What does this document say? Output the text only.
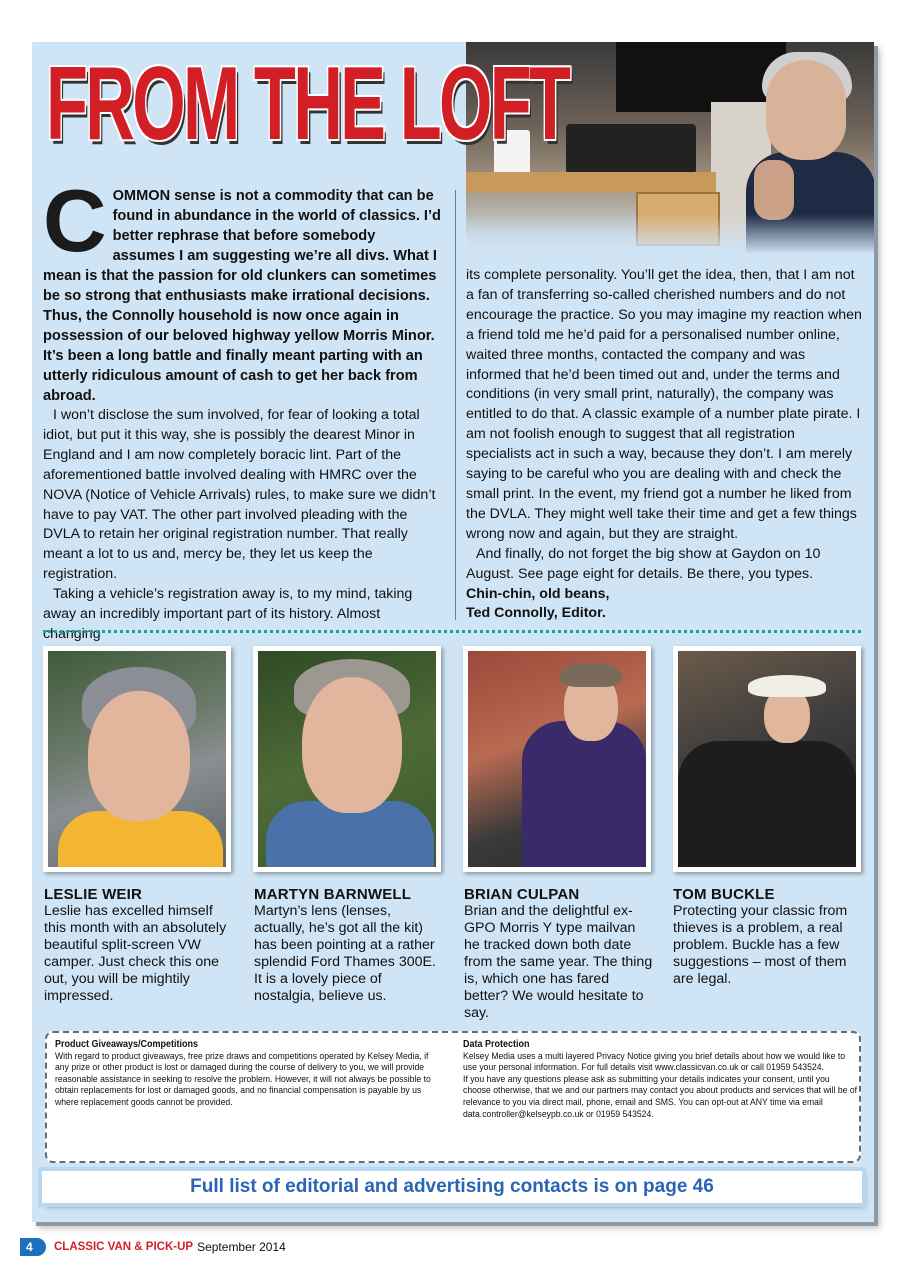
FROM THE LOFT
COMMON sense is not a commodity that can be found in abundance in the world of classics. I’d better rephrase that before somebody assumes I am suggesting we’re all divs. What I mean is that the passion for old clunkers can sometimes be so strong that enthusiasts make irrational decisions. Thus, the Connolly household is now once again in possession of our beloved highway yellow Morris Minor. It’s been a long battle and finally meant parting with an utterly ridiculous amount of cash to get her back from abroad.

I won’t disclose the sum involved, for fear of looking a total idiot, but put it this way, she is possibly the dearest Minor in England and I am now completely boracic lint. Part of the aforementioned battle involved dealing with HMRC over the NOVA (Notice of Vehicle Arrivals) rules, to make sure we didn’t have to pay VAT. The other part involved pleading with the DVLA to retain her original registration number. That really meant a lot to us and, mercy be, they let us keep the registration.

Taking a vehicle’s registration away is, to my mind, taking away an incredibly important part of its history. Almost changing

its complete personality. You’ll get the idea, then, that I am not a fan of transferring so-called cherished numbers and do not encourage the practice. So you may imagine my reaction when a friend told me he’d paid for a personalised number online, waited three months, contacted the company and was informed that he’d been timed out and, under the terms and conditions (in very small print, naturally), the company was entitled to do that. A classic example of a number plate pirate. I am not foolish enough to suggest that all registration specialists act in such a way, because they don’t. I am merely saying to be careful who you are dealing with and check the small print. In the event, my friend got a number he liked from the DVLA. They might well take their time and get a few things wrong now and again, but they are straight.

And finally, do not forget the big show at Gaydon on 10 August. See page eight for details. Be there, you types.

Chin-chin, old beans,
Ted Connolly, Editor.
LESLIE WEIR
Leslie has excelled himself this month with an absolutely beautiful split-screen VW camper. Just check this one out, you will be mightily impressed.
MARTYN BARNWELL
Martyn’s lens (lenses, actually, he’s got all the kit) has been pointing at a rather splendid Ford Thames 300E. It is a lovely piece of nostalgia, believe us.
BRIAN CULPAN
Brian and the delightful ex-GPO Morris Y type mailvan he tracked down both date from the same year. The thing is, which one has fared better? We would hesitate to say.
TOM BUCKLE
Protecting your classic from thieves is a problem, a real problem. Buckle has a few suggestions – most of them are legal.
Product Giveaways/Competitions

With regard to product giveaways, free prize draws and competitions operated by Kelsey Media, if any prize or other product is lost or damaged during the course of delivery to you, we will provide reasonable assistance in seeking to resolve the problem. However, it will not always be possible to obtain replacements for lost or damaged goods, and no financial compensation is payable by us where replacement goods cannot be provided.

Data Protection

Kelsey Media uses a multi layered Privacy Notice giving you brief details about how we would like to use your personal information. For full details visit www.classicvan.co.uk or call 01959 543524.

If you have any questions please ask as submitting your details indicates your consent, until you choose otherwise, that we and our partners may contact you about products and services that will be of relevance to you via direct mail, phone, email and SMS. You can opt-out at ANY time via email data.controller@kelseypb.co.uk or 01959 543524.

Full list of editorial and advertising contacts is on page 46
4 CLASSIC VAN & PICK-UP September 2014
